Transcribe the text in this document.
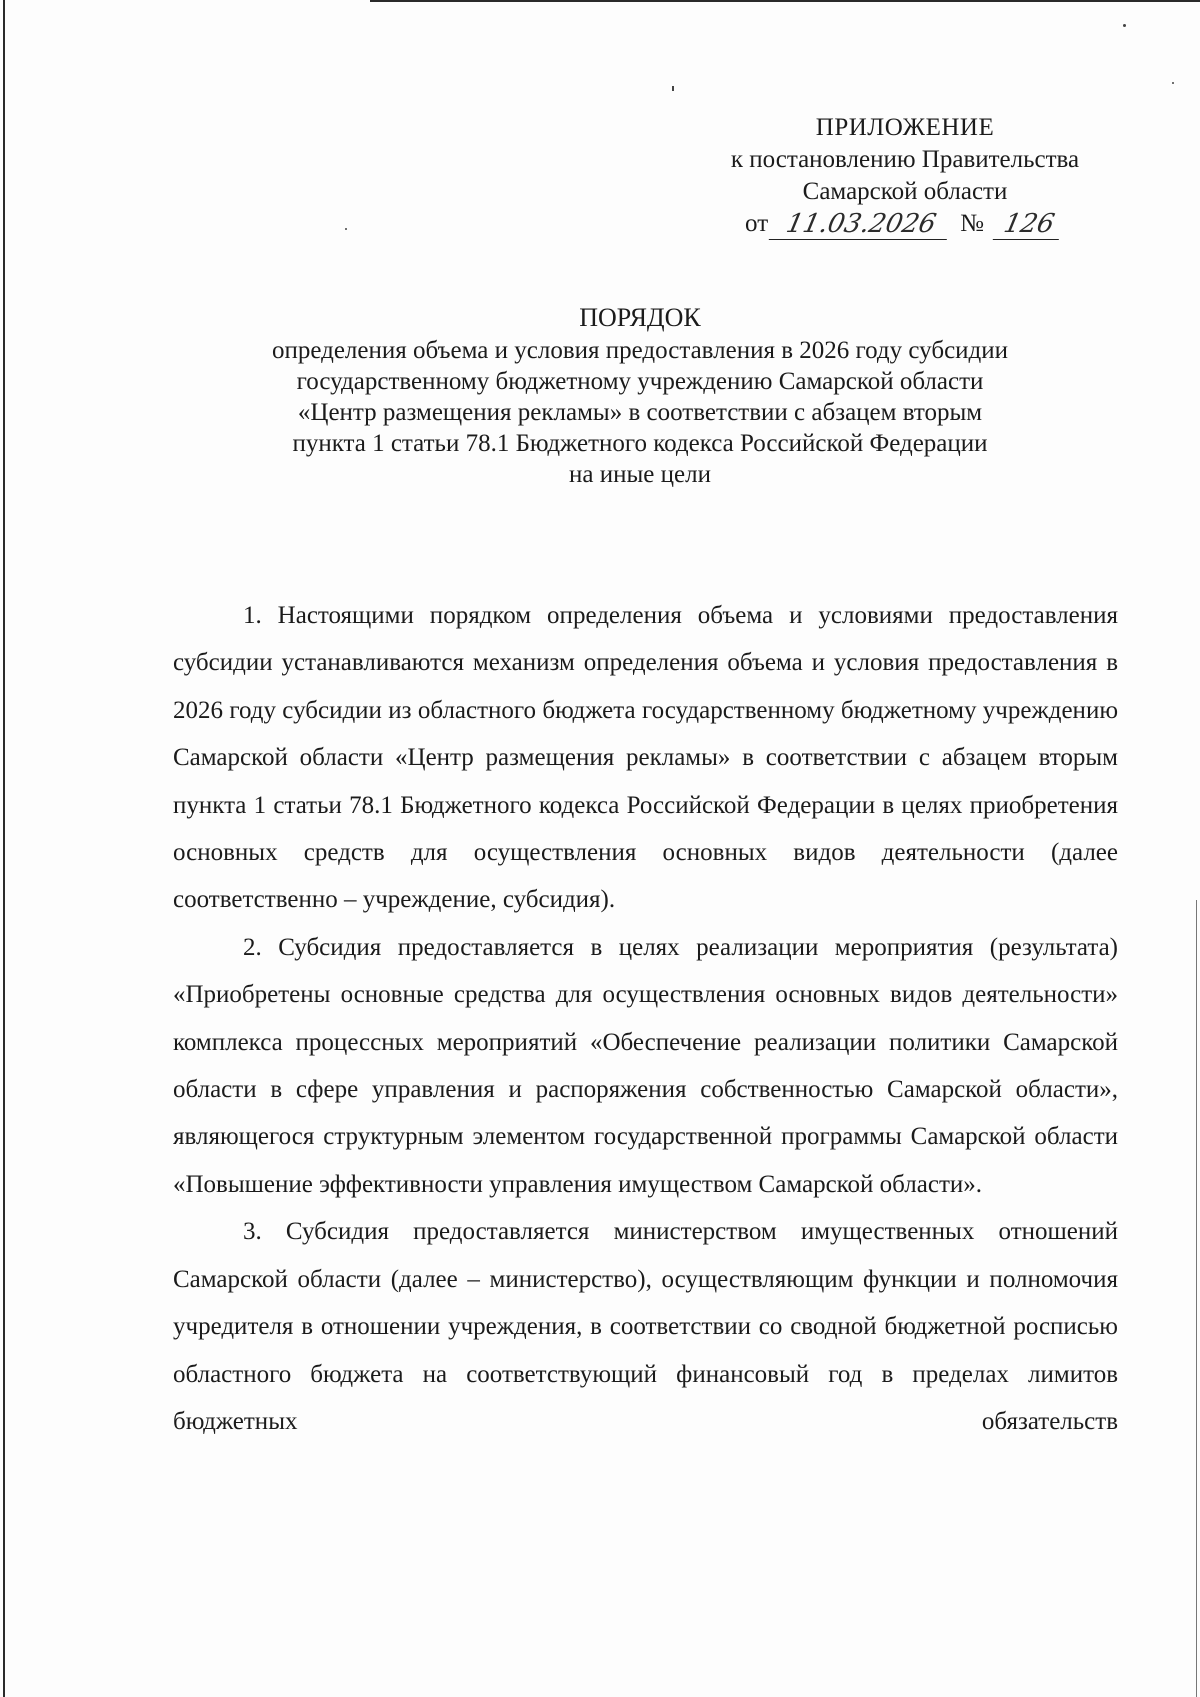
ПРИЛОЖЕНИЕ
к постановлению Правительства
Самарской области
от 11.03.2026 № 126
ПОРЯДОК
определения объема и условия предоставления в 2026 году субсидии
государственному бюджетному учреждению Самарской области
«Центр размещения рекламы» в соответствии с абзацем вторым
пункта 1 статьи 78.1 Бюджетного кодекса Российской Федерации
на иные цели

1. Настоящими порядком определения объема и условиями предоставления субсидии устанавливаются механизм определения объема и условия предоставления в 2026 году субсидии из областного бюджета государственному бюджетному учреждению Самарской области «Центр размещения рекламы» в соответствии с абзацем вторым пункта 1 статьи 78.1 Бюджетного кодекса Российской Федерации в целях приобретения основных средств для осуществления основных видов деятельности (далее соответственно – учреждение, субсидия).

2. Субсидия предоставляется в целях реализации мероприятия (результата) «Приобретены основные средства для осуществления основных видов деятельности» комплекса процессных мероприятий «Обеспечение реализации политики Самарской области в сфере управления и распоряжения собственностью Самарской области», являющегося структурным элементом государственной программы Самарской области «Повышение эффективности управления имуществом Самарской области».

3. Субсидия предоставляется министерством имущественных отношений Самарской области (далее – министерство), осуществляющим функции и полномочия учредителя в отношении учреждения, в соответствии со сводной бюджетной росписью областного бюджета на соответствующий финансовый год в пределах лимитов бюджетных обязательств
